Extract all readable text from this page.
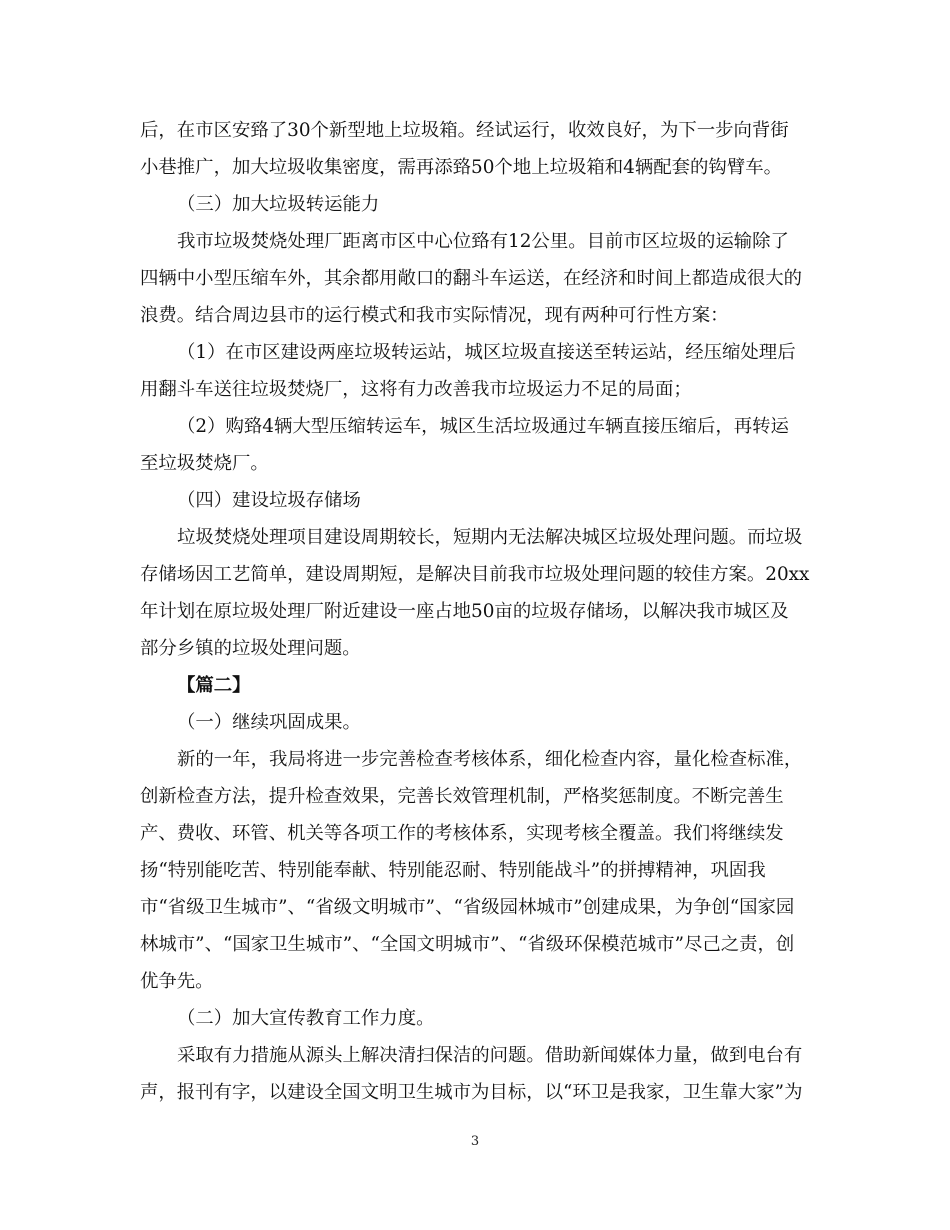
后，在市区安臵了30个新型地上垃圾箱。经试运行，收效良好，为下一步向背街
小巷推广，加大垃圾收集密度，需再添臵50个地上垃圾箱和4辆配套的钩臂车。
（三）加大垃圾转运能力
我市垃圾焚烧处理厂距离市区中心位臵有12公里。目前市区垃圾的运输除了
四辆中小型压缩车外，其余都用敞口的翻斗车运送，在经济和时间上都造成很大的
浪费。结合周边县市的运行模式和我市实际情况，现有两种可行性方案：
（1）在市区建设两座垃圾转运站，城区垃圾直接送至转运站，经压缩处理后
用翻斗车送往垃圾焚烧厂，这将有力改善我市垃圾运力不足的局面；
（2）购臵4辆大型压缩转运车，城区生活垃圾通过车辆直接压缩后，再转运
至垃圾焚烧厂。
（四）建设垃圾存储场
垃圾焚烧处理项目建设周期较长，短期内无法解决城区垃圾处理问题。而垃圾
存储场因工艺简单，建设周期短，是解决目前我市垃圾处理问题的较佳方案。20xx
年计划在原垃圾处理厂附近建设一座占地50亩的垃圾存储场，以解决我市城区及
部分乡镇的垃圾处理问题。
【篇二】
（一）继续巩固成果。
新的一年，我局将进一步完善检查考核体系，细化检查内容，量化检查标准，
创新检查方法，提升检查效果，完善长效管理机制，严格奖惩制度。不断完善生
产、费收、环管、机关等各项工作的考核体系，实现考核全覆盖。我们将继续发
扬“特别能吃苦、特别能奉献、特别能忍耐、特别能战斗”的拼搏精神，巩固我
市“省级卫生城市”、“省级文明城市”、“省级园林城市”创建成果，为争创“国家园
林城市”、“国家卫生城市”、“全国文明城市”、“省级环保模范城市”尽己之责，创
优争先。
（二）加大宣传教育工作力度。
采取有力措施从源头上解决清扫保洁的问题。借助新闻媒体力量，做到电台有
声，报刊有字，以建设全国文明卫生城市为目标，以“环卫是我家，卫生靠大家”为
3
